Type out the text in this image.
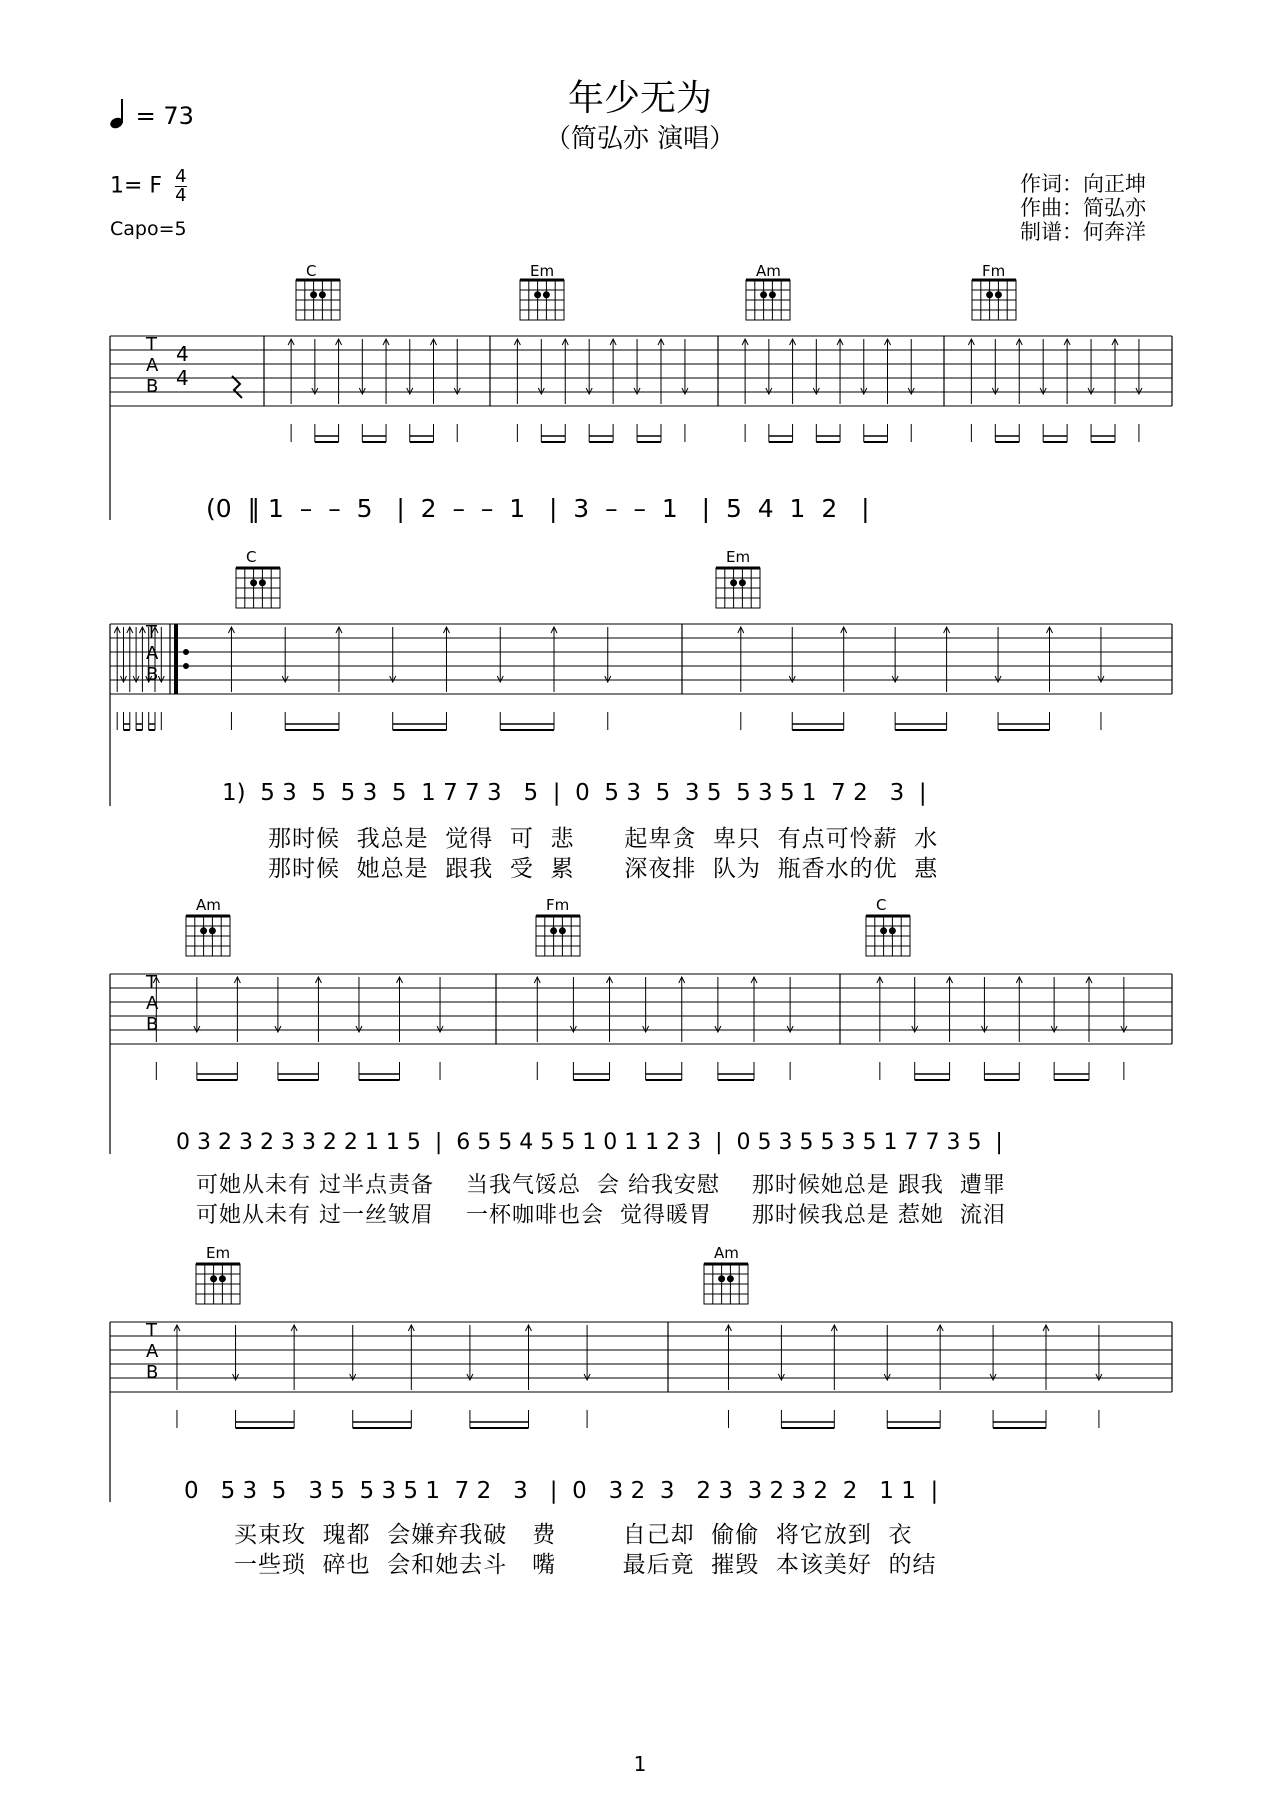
年少无为
（简弘亦 演唱）
= 73
1= F $\frac{4}{4}$
Capo=5
作词：向正坤
作曲：简弘亦
制谱：何奔洋
C	Em	Am	Fm
C	Em
Am	Fm	C
Em	Am
T
A
B
T
A
B
T
A
B
T
A
B
4
4
(0  ‖ 1  –  –  5   |  2  –  –  1   |  3  –  –  1   |  5  4  1  2   |
1)  5 3  5  5 3  5  1 7 7 3   5  |  0  5 3  5  3 5  5 3 5 1  7 2   3  |
那时候  我总是  觉得  可  悲      起卑贪  卑只  有点可怜薪  水
那时候  她总是  跟我  受  累      深夜排  队为  瓶香水的优  惠
0 3 2 3 2 3 3 2 2 1 1 5  |  6 5 5 4 5 5 1 0 1 1 2 3  |  0 5 3 5 5 3 5 1 7 7 3 5  |
可她从未有 过半点责备    当我气馁总  会 给我安慰    那时候她总是 跟我  遭罪
可她从未有 过一丝皱眉    一杯咖啡也会  觉得暖胃     那时候我总是 惹她  流泪
0   5 3  5   3 5  5 3 5 1  7 2   3   |  0   3 2  3   2 3  3 2 3 2  2   1 1  |
买束玫  瑰都  会嫌弃我破   费        自己却  偷偷  将它放到  衣
一些琐  碎也  会和她去斗   嘴        最后竟  摧毁  本该美好  的结
1
